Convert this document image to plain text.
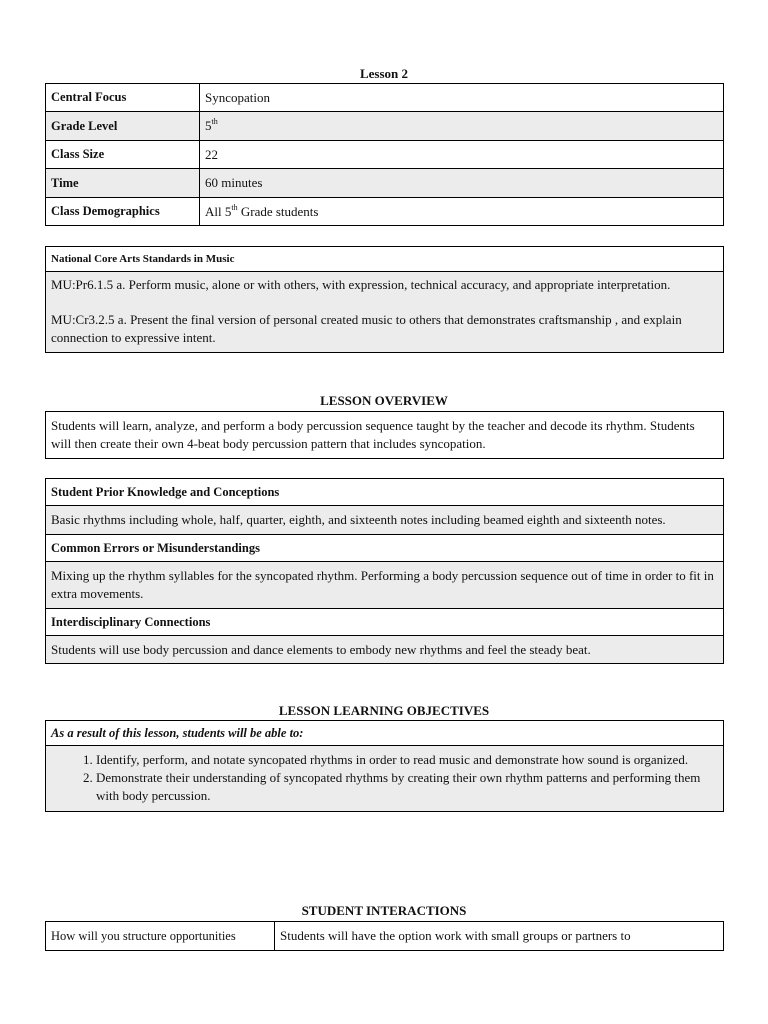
Lesson 2
Central Focus	Syncopation
Grade Level	5th
Class Size	22
Time	60 minutes
Class Demographics	All 5th Grade students
National Core Arts Standards in Music

MU:Pr6.1.5 a. Perform music, alone or with others, with expression, technical accuracy, and appropriate interpretation.
MU:Cr3.2.5 a. Present the final version of personal created music to others that demonstrates craftsmanship , and explain connection to expressive intent.
LESSON OVERVIEW
Students will learn, analyze, and perform a body percussion sequence taught by the teacher and decode its rhythm. Students will then create their own 4-beat body percussion pattern that includes syncopation.
Student Prior Knowledge and Conceptions
Basic rhythms including whole, half, quarter, eighth, and sixteenth notes including beamed eighth and sixteenth notes.
Common Errors or Misunderstandings
Mixing up the rhythm syllables for the syncopated rhythm. Performing a body percussion sequence out of time in order to fit in extra movements.
Interdisciplinary Connections
Students will use body percussion and dance elements to embody new rhythms and feel the steady beat.
LESSON LEARNING OBJECTIVES
As a result of this lesson, students will be able to:

1. Identify, perform, and notate syncopated rhythms in order to read music and demonstrate how sound is organized.
2. Demonstrate their understanding of syncopated rhythms by creating their own rhythm patterns and performing them with body percussion.
STUDENT INTERACTIONS
How will you structure opportunities	Students will have the option work with small groups or partners to
